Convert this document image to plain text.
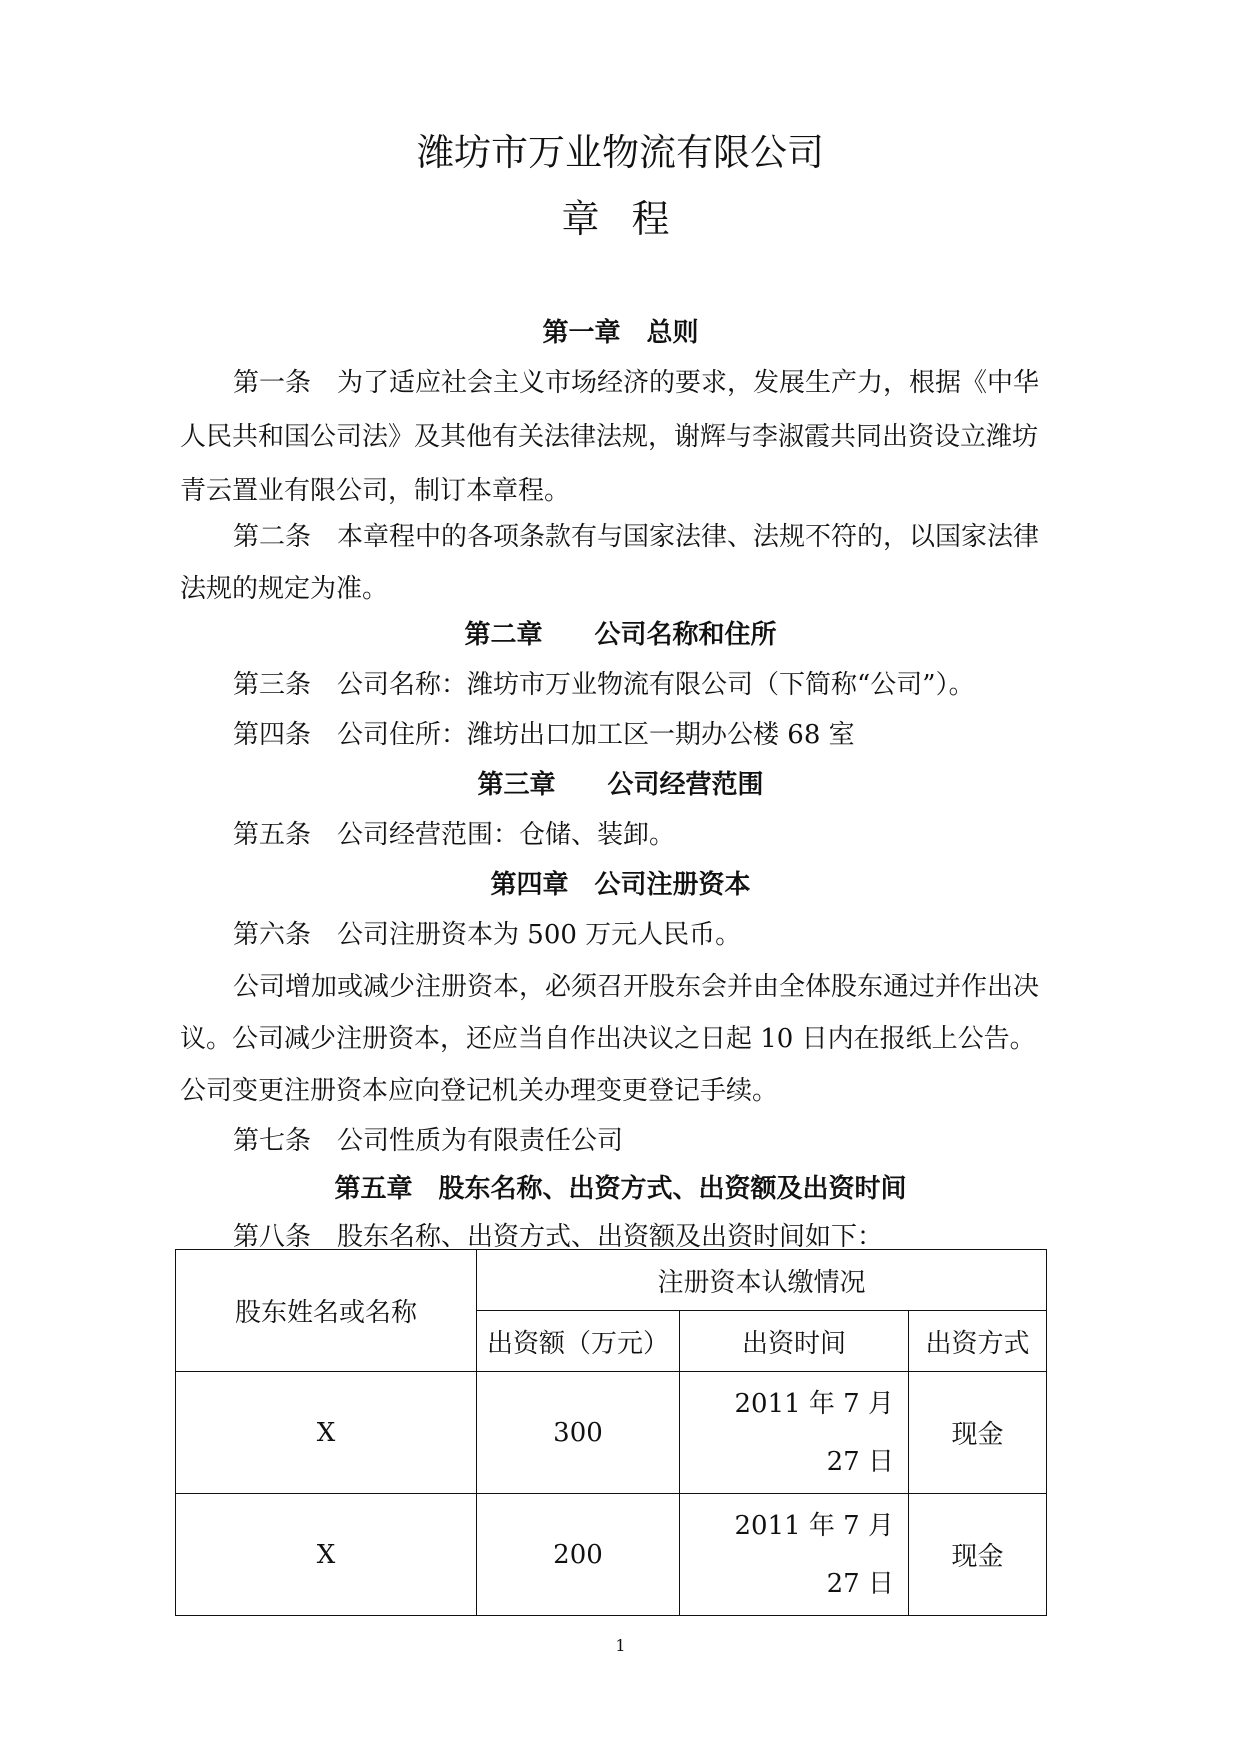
潍坊市万业物流有限公司
章 程
第一章　总则
第一条 为了适应社会主义市场经济的要求，发展生产力，根据《中华
人民共和国公司法》及其他有关法律法规，谢辉与李淑霞共同出资设立潍坊
青云置业有限公司，制订本章程。
第二条 本章程中的各项条款有与国家法律、法规不符的，以国家法律
法规的规定为准。
第二章　　公司名称和住所
第三条 公司名称：潍坊市万业物流有限公司（下简称“公司”）。
第四条 公司住所：潍坊出口加工区一期办公楼 68 室
第三章　　公司经营范围
第五条 公司经营范围：仓储、装卸。
第四章　公司注册资本
第六条 公司注册资本为 500 万元人民币。
公司增加或减少注册资本，必须召开股东会并由全体股东通过并作出决
议。公司减少注册资本，还应当自作出决议之日起 10 日内在报纸上公告。
公司变更注册资本应向登记机关办理变更登记手续。
第七条 公司性质为有限责任公司
第五章　股东名称、出资方式、出资额及出资时间
第八条 股东名称、出资方式、出资额及出资时间如下：
股东姓名或名称	注册资本认缴情况		
	出资额（万元）	出资时间	出资方式
X	300	2011 年 7 月 27 日	现金
X	200	2011 年 7 月 27 日	现金
1
